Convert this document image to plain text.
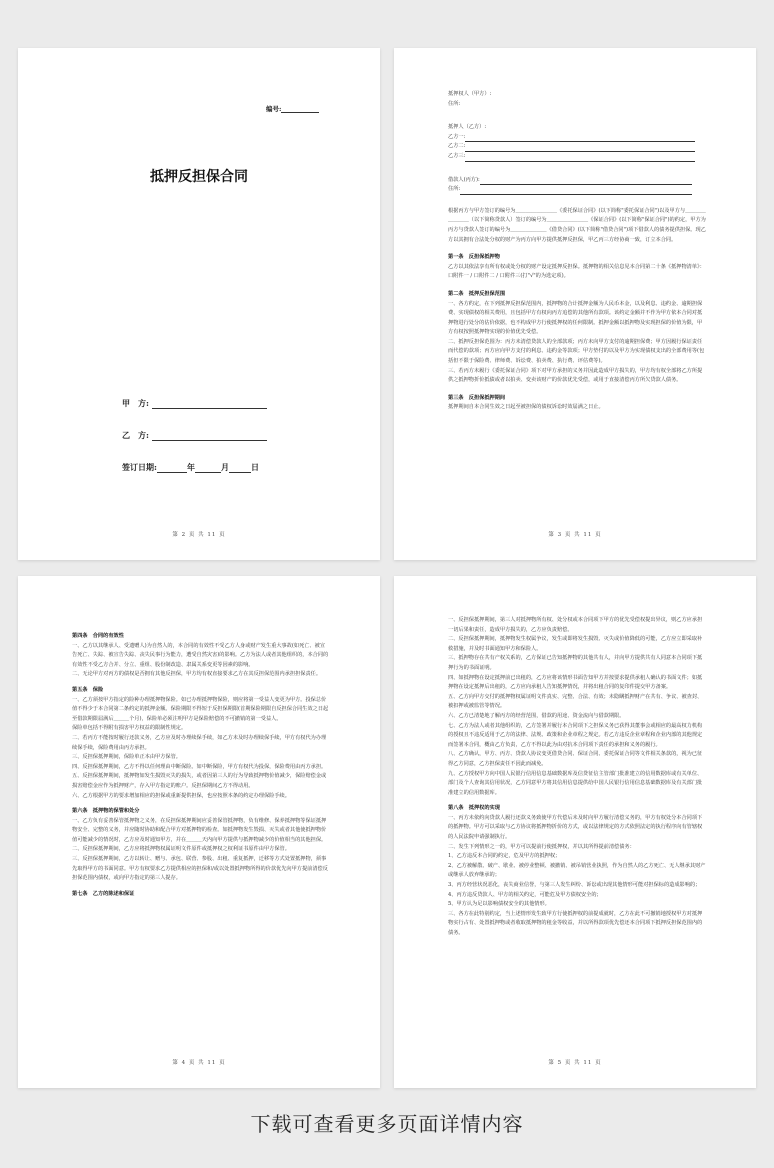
编号:
抵押反担保合同
甲　方:
乙　方:
签订日期:	年	月	日
第 2 页 共 11 页
抵押权人（甲方）:
住所:
抵押人（乙方）:
乙方一:
乙方二:
乙方三:
借款人(丙方):
住所:
根据丙方与甲方签订的编号为＿＿＿＿＿＿＿＿《委托保证合同》(以下简称"委托保证合同")以及甲方与＿＿＿＿＿＿＿＿（以下简称贷款人）签订的编号为＿＿＿＿＿＿＿＿《保证合同》(以下简称"保证合同")的约定，甲方为丙方与贷款人签订的编号为＿＿＿＿＿＿＿《借贷合同》(以下简称"借贷合同")项下借款人的债务提供担保。现乙方以其拥有合法处分权的财产为丙方向甲方提供抵押反担保，甲乙丙三方经协商一致，订立本合同。
第一条　反担保抵押物
乙方以其依法享有所有权或处分权的财产设定抵押反担保。抵押物的相关信息见本合同第二十条《抵押物清单》：口附件一 / 口附件二 / 口附件三(打"√"的为选定项)。
第二条　抵押反担保范围
一、各方约定，在下列抵押反担保范围内，抵押物的合计抵押金额为人民币本金，以及利息、违约金、逾期担保费、实现债权的相关费用，且包括甲方有权向丙方追偿的其他所有款项。该约定金额并不作为甲方依本合同对抵押物进行处分的估价依据，也不构成甲方行使抵押权的任何限制。抵押金额以抵押物及实现担保的价值为限，甲方有权按照抵押物实现的价值优先受偿。
二、抵押反担保范围为：丙方未清偿贷款人的全部款项；丙方未向甲方支付的逾期担保费；甲方因履行保证责任而代偿的款项；丙方应向甲方支付的利息、违约金等款项；甲方垫付的以及甲方为实现债权支出的全部费用等(包括但不限于保险费、律师费、诉讼费、拍卖费、执行费、评估费等)。
三、若丙方未履行《委托保证合同》项下对甲方承担的义务并因此造成甲方损失的，甲方均有权全部将乙方所提供之抵押物折价抵债或者以拍卖、变卖该财产的价款优先受偿，或用于直接清偿丙方所欠贷款人债务。
第三条　反担保抵押期间
抵押期间自本合同生效之日起至被担保的债权诉讼时效届满之日止。
第 3 页 共 11 页
第四条　合同的有效性
一、乙方以其继承人、受遗赠人)为自然人的，本合同的有效性不受乙方人身或财产发生重大事故(如死亡、被宣告死亡、失踪、被宣告失踪、丧失民事行为能力，遭受自然灾害)的影响。乙方为法人或者其他组织的，本合同的有效性不受乙方合并、分立、重组、股份制改造、隶属关系变更等因素的影响。
二、无论甲方对丙方的债权是否拥有其他反担保，甲方均有权直接要求乙方在其反担保范围内承担担保责任。
第五条　保险
一、乙方须按甲方指定的险种办理抵押物保险。如已办理抵押物保险，则应将第一受益人变更为甲方。投保总价值不得少于本合同第二条约定的抵押金额。保险期限不得短于反担保期限(首期保险期限自反担保合同生效之日起至借款期限届满后＿＿＿个月)，保险单必须注明甲方是保险赔偿的不可撤销的第一受益人。
保险单包括不得附有损害甲方权益的限制性规定。
二、若丙方不能按时履行还款义务，乙方应及时办理续保手续，如乙方未及时办理续保手续，甲方有权代为办理续保手续，保险费用由丙方承担。
三、反担保抵押期间，保险单正本由甲方保管。
四、反担保抵押期间，乙方不得以任何理由中断保险。如中断保险，甲方有权代为投保，保险费用由丙方承担。
五、反担保抵押期间，抵押物如发生损毁灭失的损失，或者因第三人的行为导致抵押物价值减少，保险赔偿金或损害赔偿金应作为抵押财产，存入甲方指定的账户。反担保期间乙方不得动用。
六、乙方根据甲方的要求增加相应的担保或重新提供担保，也应按照本条的约定办理保险手续。
第六条　抵押物的保管和处分
一、乙方负有妥善保管抵押物之义务，在反担保抵押期间应妥善保管抵押物，负有维修、保养抵押物等保证抵押物安全、完整的义务，并应随时协助和配合甲方对抵押物的检查。如抵押物发生毁损、灭失或者其他使抵押物价值可能减少的情况时，乙方应及时通知甲方，并在＿＿＿天内向甲方提供与抵押物减少的价值相当的其他担保。
二、反担保抵押期间，乙方应将抵押物权属证明文件原件或抵押权之权利证书原件由甲方保管。
三、反担保抵押期间，乙方以转让、赠与、承包、联营、参股、出租、重复抵押，迁移等方式处置抵押物，须事先取得甲方的书面同意。甲方有权要求乙方提供相应的担保和/或以处置抵押物所得的价款优先向甲方提前清偿反担保范围内债权，或向甲方指定的第三人提存。
第七条　乙方的陈述和保证
第 4 页 共 11 页
一、反担保抵押期间，第三人对抵押物所有权、处分权或本合同项下甲方的优先受偿权提出异议，则乙方应承担一切后果和责任，造成甲方损失的，乙方应负责赔偿。
二、反担保抵押期间，抵押物发生权属争议，发生或即将发生损毁、灭失或价值降低的可能，乙方应立即采取补救措施，并及时书面通知甲方和保险人。
三、抵押物存在共有产权关系的，乙方保证已告知抵押物的其他共有人，并向甲方提供共有人同意本合同项下抵押行为的书面证明。
四、如抵押物在设定抵押前已出租的，乙方应将该情形书面告知甲方并按要求提供承租人确认的书面文件；如抵押物在设定抵押后出租的，乙方应向承租人告知抵押情况，并将出租合同的复印件提交甲方备案。
五、乙方向甲方交付的抵押物权属证明文件真实、完整、合法、有效；未隐瞒抵押财产在共有、争议、被查封、被扣押或被监管等情况。
六、乙方已清楚地了解丙方的经营范围，借款的用途、资金流向与借款期限。
七、乙方为法人或者其他组织的，乙方签署并履行本合同项下之担保义务已获得其董事会或相应的最高权力机构的授权且不违反适用于乙方的法律、法规、政策和企业章程之规定。若乙方违反企业章程和企业内部的其他规定而签署本合同，概由乙方负责，乙方不得以此为由对抗本合同项下责任的承担和义务的履行。
八、乙方确认，甲方、丙方、贷款人协议变更借贷合同、保证合同、委托保证合同等文件相关条款的，视为已征得乙方同意，乙方担保责任不因此而减免。
九、乙方授权甲方向中国人民银行信用信息基础数据库及信贷征信主管部门批准建立的信用数据库或有关单位、部门及个人查询其信用状况，乙方同意甲方将其信用信息提供给中国人民银行信用信息基础数据库及有关部门批准建立的信用数据库。
第八条　抵押权的实现
一、丙方未依约向贷款人履行还款义务致使甲方代偿后未及时向甲方履行清偿义务的，甲方有权处分本合同项下的抵押物。甲方可以采取与乙方协议将抵押物折价的方式，或以法律规定的方式依照法定的执行程序向有管辖权的人民法院申请强制执行。
二、发生下列情形之一的，甲方可以提前行使抵押权，并以其所得提前清偿债务：
1、乙方违反本合同的约定，危及甲方的抵押权；
2、乙方被解散、破产、歇业、被停业整顿、被撤销、被吊销营业执照，作为自然人的乙方死亡、无人继承其财产或继承人放弃继承的；
3、丙方经营状况恶化，丧失商业信誉，与第三人发生纠纷、诉讼或出现其他情形可能对担保标的造成影响的；
4、丙方违反贷款人、甲方的相关约定，可能危及甲方债权安全的；
5、甲方认为足以影响债权安全的其他情形。
三、各方在此特别约定，当上述情形发生致甲方行使抵押权的前提成就时，乙方在此不可撤销地授权甲方对抵押物实行占有、处置抵押物或者收取抵押物的租金等收益，并以所得款项优先偿还本合同项下抵押反担保范围内的债务。
第 5 页 共 11 页
下载可查看更多页面详情内容
